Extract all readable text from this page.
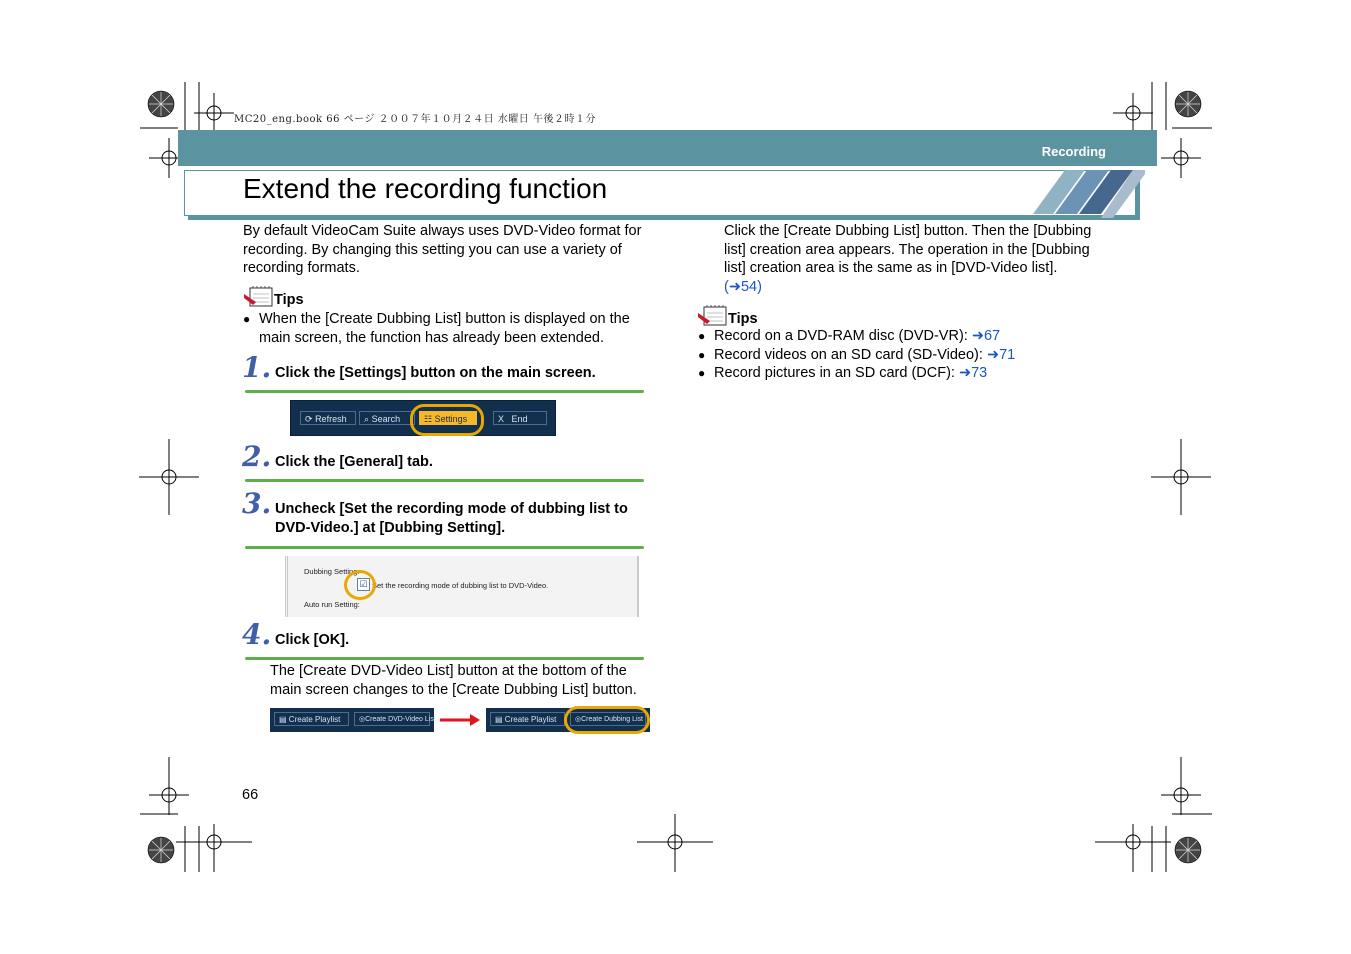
MC20_eng.book 66 ページ ２００７年１０月２４日 水曜日 午後２時１分
Recording
Extend the recording function
By default VideoCam Suite always uses DVD-Video format for recording. By changing this setting you can use a variety of recording formats.
Tips
● When the [Create Dubbing List] button is displayed on the main screen, the function has already been extended.
1. Click the [Settings] button on the main screen.
⟳ Refresh	⌕ Search	☷ Settings	X End
2. Click the [General] tab.
3. Uncheck [Set the recording mode of dubbing list to DVD-Video.] at [Dubbing Setting].
Dubbing Setting:
☑ Set the recording mode of dubbing list to DVD-Video.
Auto run Setting:
4. Click [OK].
The [Create DVD-Video List] button at the bottom of the main screen changes to the [Create Dubbing List] button.
▤ Create Playlist	◎Create DVD-Video List	▤ Create Playlist	◎Create Dubbing List
Click the [Create Dubbing List] button. Then the [Dubbing list] creation area appears. The operation in the [Dubbing list] creation area is the same as in [DVD-Video list].
(➜54)
Tips
● Record on a DVD-RAM disc (DVD-VR): ➜67
● Record videos on an SD card (SD-Video): ➜71
● Record pictures in an SD card (DCF): ➜73
66
